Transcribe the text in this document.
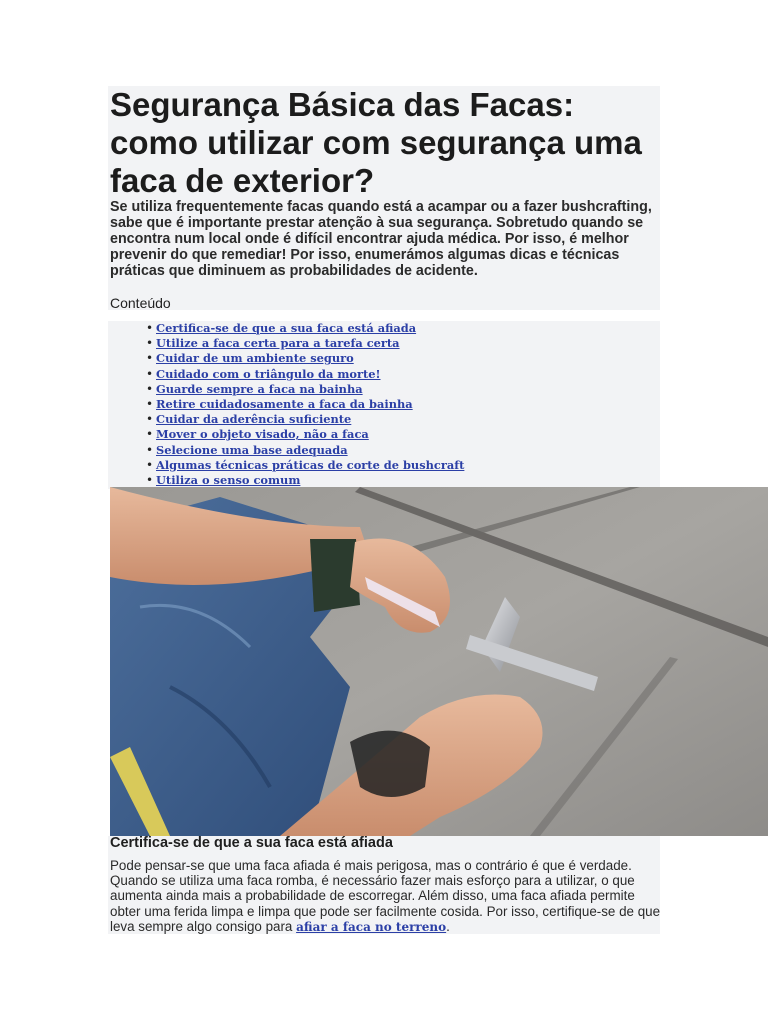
Segurança Básica das Facas: como utilizar com segurança uma faca de exterior?

Se utiliza frequentemente facas quando está a acampar ou a fazer bushcrafting, sabe que é importante prestar atenção à sua segurança. Sobretudo quando se encontra num local onde é difícil encontrar ajuda médica. Por isso, é melhor prevenir do que remediar! Por isso, enumerámos algumas dicas e técnicas práticas que diminuem as probabilidades de acidente.

Conteúdo
• Certifica-se de que a sua faca está afiada
• Utilize a faca certa para a tarefa certa
• Cuidar de um ambiente seguro
• Cuidado com o triângulo da morte!
• Guarde sempre a faca na bainha
• Retire cuidadosamente a faca da bainha
• Cuidar da aderência suficiente
• Mover o objeto visado, não a faca
• Selecione uma base adequada
• Algumas técnicas práticas de corte de bushcraft
• Utiliza o senso comum
Certifica-se de que a sua faca está afiada

Pode pensar-se que uma faca afiada é mais perigosa, mas o contrário é que é verdade. Quando se utiliza uma faca romba, é necessário fazer mais esforço para a utilizar, o que aumenta ainda mais a probabilidade de escorregar. Além disso, uma faca afiada permite obter uma ferida limpa e limpa que pode ser facilmente cosida. Por isso, certifique-se de que leva sempre algo consigo para afiar a faca no terreno.
